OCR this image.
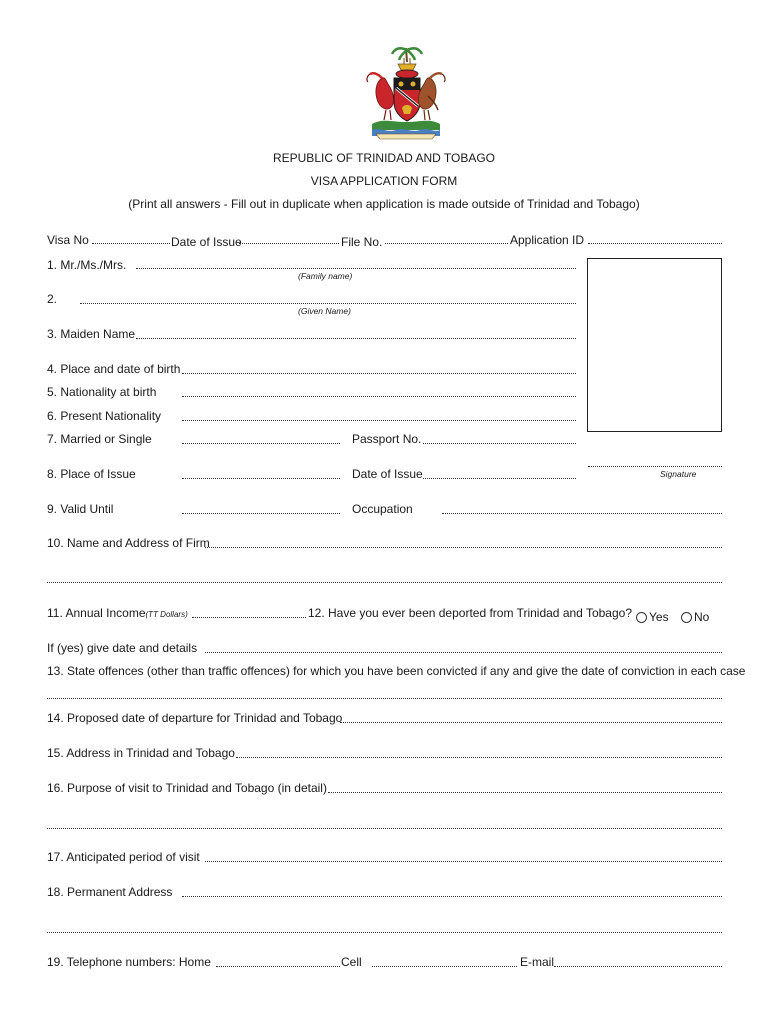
REPUBLIC OF TRINIDAD AND TOBAGO
VISA APPLICATION FORM
(Print all answers - Fill out in duplicate when application is made outside of Trinidad and Tobago)
Visa No	Date of Issue	File No.	Application ID
1. Mr./Ms./Mrs.
(Family name)
2.
(Given Name)
3. Maiden Name
4. Place and date of birth
5. Nationality at birth
6. Present Nationality
7. Married or Single	Passport No.
Signature
8. Place of Issue	Date of Issue
9. Valid Until	Occupation
10. Name and Address of Firm
11. Annual Income(TT Dollars)	12. Have you ever been deported from Trinidad and Tobago?	Yes	No
If (yes) give date and details
13. State offences (other than traffic offences) for which you have been convicted if any and give the date of conviction in each case
14. Proposed date of departure for Trinidad and Tobago
15. Address in Trinidad and Tobago
16. Purpose of visit to Trinidad and Tobago (in detail)
17. Anticipated period of visit
18. Permanent Address
19. Telephone numbers: Home	Cell	E-mail
